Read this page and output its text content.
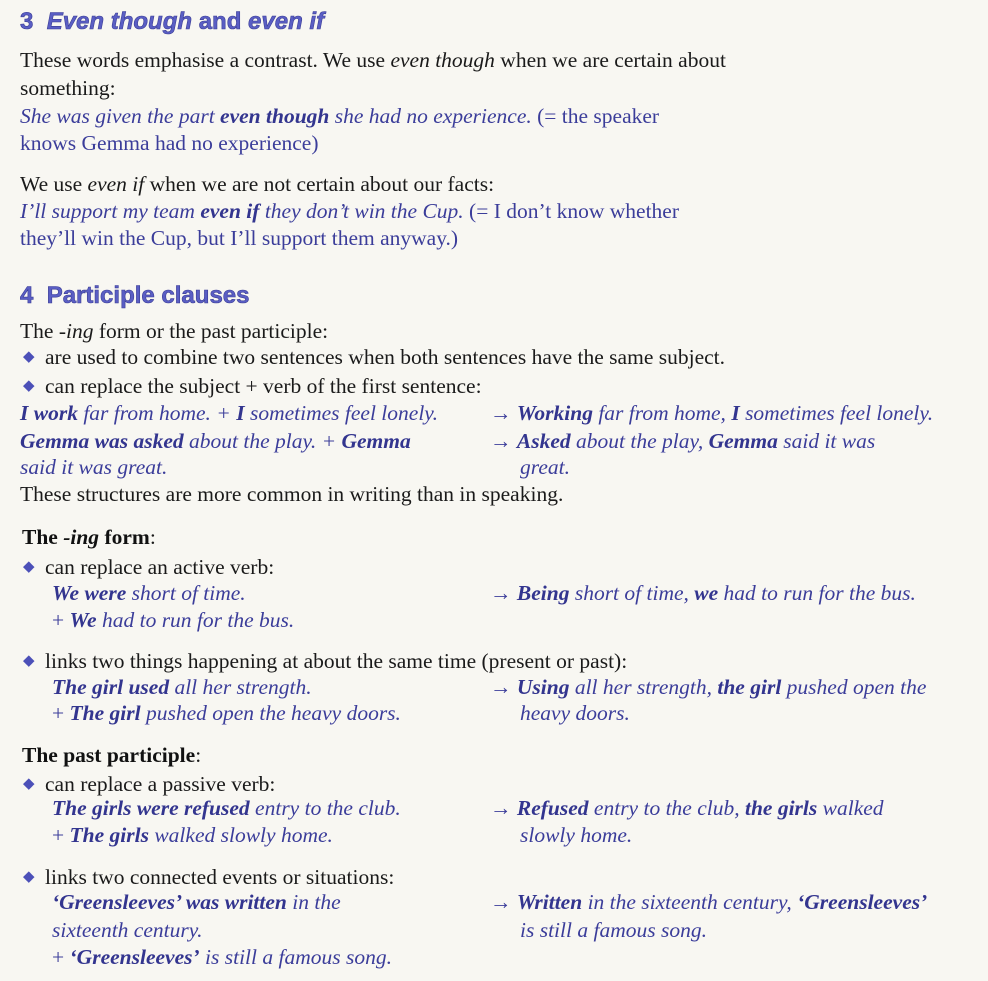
3 Even though and even if
4 Participle clauses
These words emphasise a contrast. We use even though when we are certain about
something:
She was given the part even though she had no experience. (= the speaker
knows Gemma had no experience)
We use even if when we are not certain about our facts:
I’ll support my team even if they don’t win the Cup. (= I don’t know whether
they’ll win the Cup, but I’ll support them anyway.)
The -ing form or the past participle:
◆ are used to combine two sentences when both sentences have the same subject.
◆ can replace the subject + verb of the first sentence:
I work far from home. + I sometimes feel lonely. → Working far from home, I sometimes feel lonely.
Gemma was asked about the play. + Gemma	→ Asked about the play, Gemma said it was
said it was great.	great.
These structures are more common in writing than in speaking.
The -ing form:
◆ can replace an active verb:
We were short of time.	→ Being short of time, we had to run for the bus.
+ We had to run for the bus.
◆ links two things happening at about the same time (present or past):
The girl used all her strength.	→ Using all her strength, the girl pushed open the
+ The girl pushed open the heavy doors.	heavy doors.
The past participle:
◆ can replace a passive verb:
The girls were refused entry to the club.	→ Refused entry to the club, the girls walked
+ The girls walked slowly home.	slowly home.
◆ links two connected events or situations:
‘Greensleeves’ was written in the	→ Written in the sixteenth century, ‘Greensleeves’
sixteenth century.	is still a famous song.
+ ‘Greensleeves’ is still a famous song.
